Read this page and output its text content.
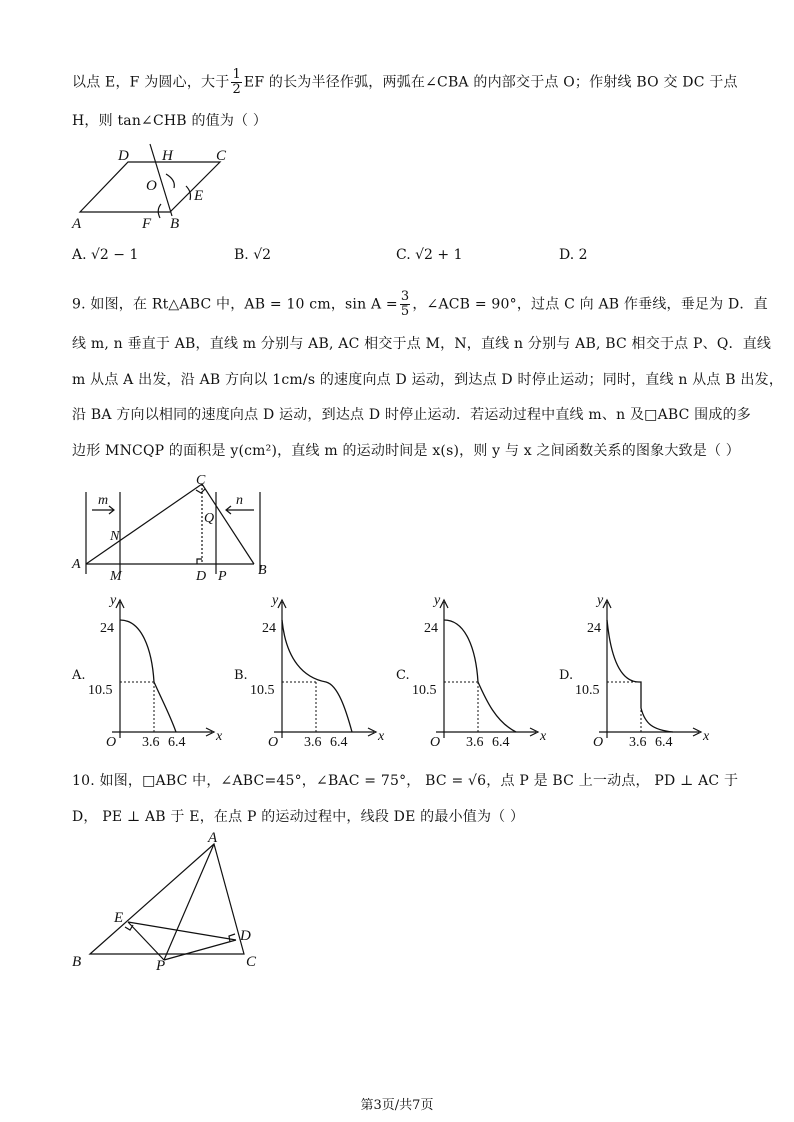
以点 E，F 为圆心，大于 $\frac{1}{2}$ EF 的长为半径作弧，两弧在∠CBA 的内部交于点 O；作射线 BO 交 DC 于点
H，则 tan∠CHB 的值为（ ）
D H	C
O
E
A	F B
A. √2 − 1	B. √2	C. √2 + 1	D. 2
9. 如图，在 Rt△ABC 中，AB = 10 cm，$\sin A = \frac{3}{5}$ ，∠ACB = 90°，过点 C 向 AB 作垂线，垂足为 D．直
线 m, n 垂直于 AB，直线 m 分别与 AB, AC 相交于点 M，N，直线 n 分别与 AB, BC 相交于点 P、Q．直线
m 从点 A 出发，沿 AB 方向以 1cm/s 的速度向点 D 运动，到达点 D 时停止运动；同时，直线 n 从点 B 出发，
沿 BA 方向以相同的速度向点 D 运动，到达点 D 时停止运动．若运动过程中直线 m、n 及□ABC 围成的多
边形 MNCQP 的面积是 y(cm²)，直线 m 的运动时间是 x(s)，则 y 与 x 之间函数关系的图象大致是（ ）
m	n
C
N
Q
A
M	D P B
y
x
O
24
10.5
3.6 6.4
A.
y
x
O
24
10.5
3.6 6.4
B.
y
x
O
24
10.5
3.6 6.4
C.
y
x
O
24
10.5
3.6 6.4
D.
10. 如图，□ABC 中，∠ABC=45°，∠BAC = 75°， BC = √6，点 P 是 BC 上一动点， PD ⊥ AC 于
D， PE ⊥ AB 于 E，在点 P 的运动过程中，线段 DE 的最小值为（ ）
A
E
D
B	P	C
第3页/共7页
